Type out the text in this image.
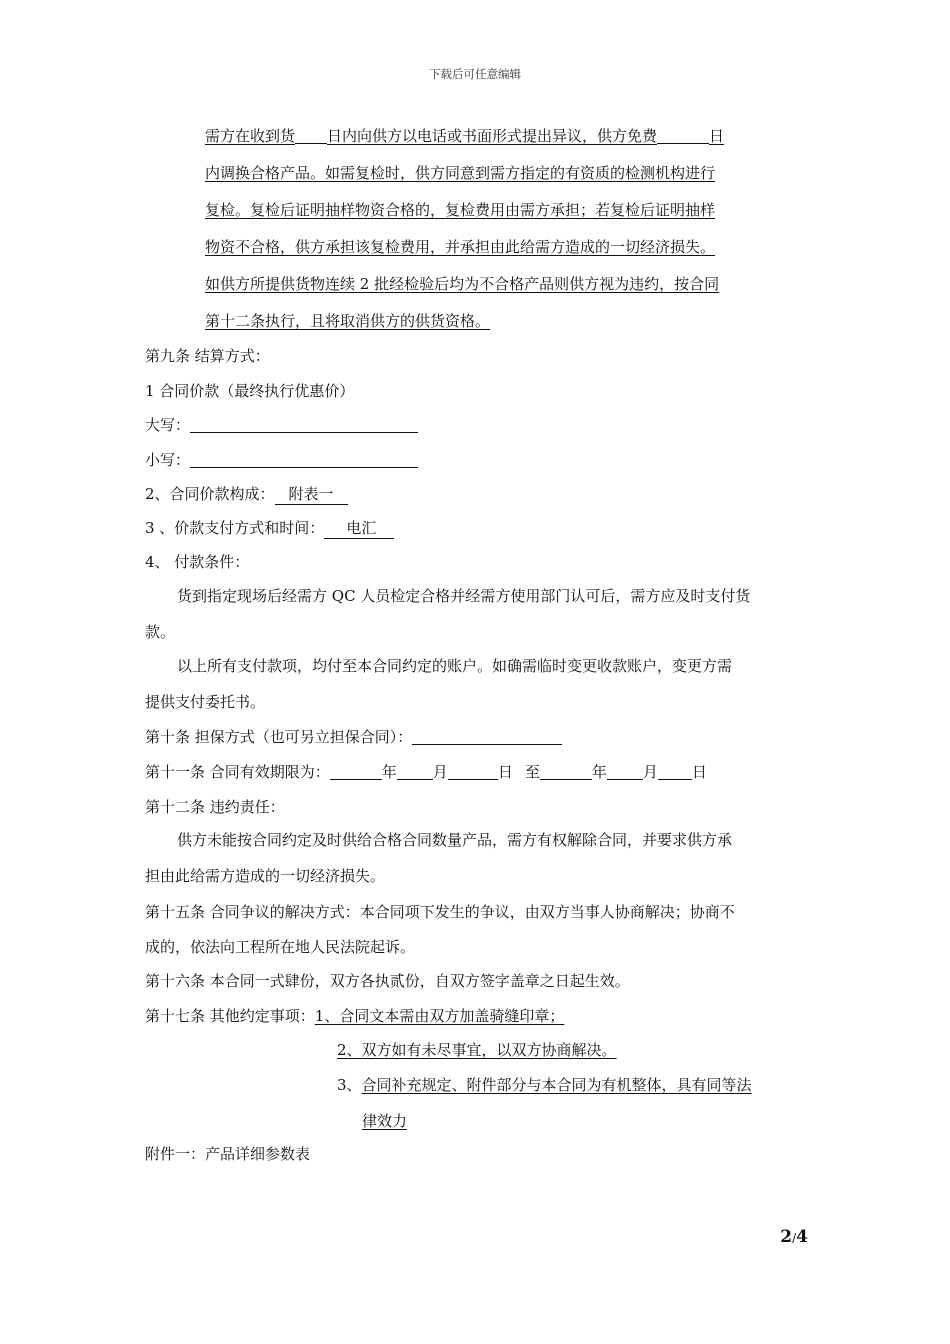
下载后可任意编辑
需方在收到货 日内向供方以电话或书面形式提出异议，供方免费	日
内调换合格产品。如需复检时，供方同意到需方指定的有资质的检测机构进行
复检。复检后证明抽样物资合格的，复检费用由需方承担；若复检后证明抽样
物资不合格，供方承担该复检费用，并承担由此给需方造成的一切经济损失。
如供方所提供货物连续 2 批经检验后均为不合格产品则供方视为违约，按合同
第十二条执行，且将取消供方的供货资格。
第九条 结算方式：
1 合同价款（最终执行优惠价）
大写：
小写：
2、合同价款构成： 附表一
3 、价款支付方式和时间： 电汇
4、 付款条件：
货到指定现场后经需方 QC 人员检定合格并经需方使用部门认可后，需方应及时支付货
款。
以上所有支付款项，均付至本合同约定的账户。如确需临时变更收款账户，变更方需
提供支付委托书。
第十条 担保方式（也可另立担保合同）：
第十一条 合同有效期限为：	年 月	日 至	年 月 日
第十二条 违约责任：
供方未能按合同约定及时供给合格合同数量产品，需方有权解除合同，并要求供方承
担由此给需方造成的一切经济损失。
第十五条 合同争议的解决方式：本合同项下发生的争议，由双方当事人协商解决；协商不
成的，依法向工程所在地人民法院起诉。
第十六条 本合同一式肆份，双方各执贰份，自双方签字盖章之日起生效。
第十七条 其他约定事项：1、合同文本需由双方加盖骑缝印章；
2、双方如有未尽事宜，以双方协商解决。
3、合同补充规定、附件部分与本合同为有机整体，具有同等法
律效力
附件一：产品详细参数表
2/4
